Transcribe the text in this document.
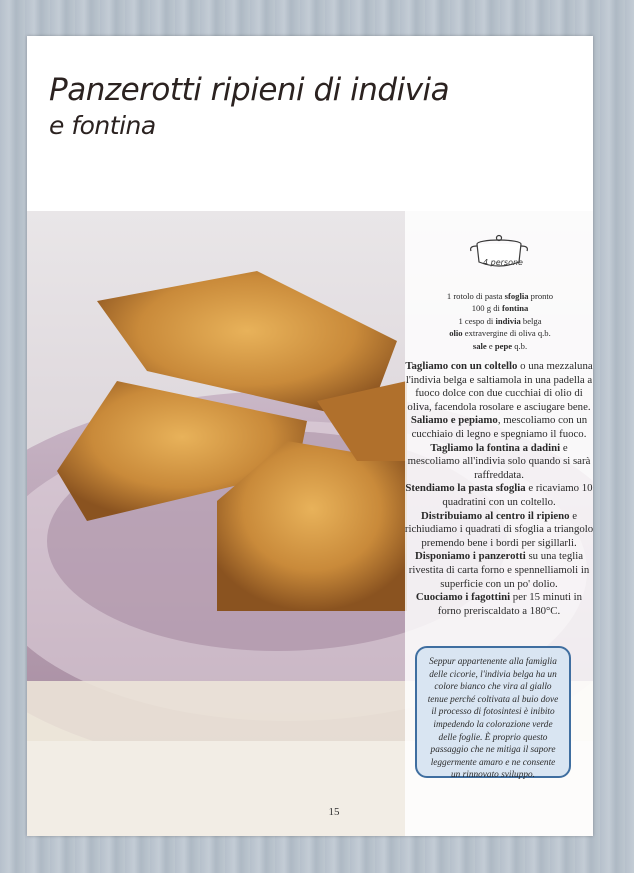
Panzerotti ripieni di indivia
e fontina
4 persone

1 rotolo di pasta sfoglia pronto

100 g di fontina

1 cespo di indivia belga

olio extravergine di oliva q.b.

sale e pepe q.b.

Tagliamo con un coltello o una mezzaluna l'indivia belga e saltiamola in una padella a fuoco dolce con due cucchiai di olio di oliva, facendola rosolare e asciugare bene.

Saliamo e pepiamo, mescoliamo con un cucchiaio di legno e spegniamo il fuoco.

Tagliamo la fontina a dadini e mescoliamo all'indivia solo quando si sarà raffreddata.

Stendiamo la pasta sfoglia e ricaviamo 10 quadratini con un coltello.

Distribuiamo al centro il ripieno e richiudiamo i quadrati di sfoglia a triangolo premendo bene i bordi per sigillarli.

Disponiamo i panzerotti su una teglia rivestita di carta forno e spennelliamoli in superficie con un po' dolio.

Cuociamo i fagottini per 15 minuti in forno preriscaldato a 180°C.

Seppur appartenente alla famiglia delle cicorie, l'indivia belga ha un colore bianco che vira al giallo tenue perché coltivata al buio dove il processo di fotosintesi è inibito impedendo la colorazione verde delle foglie. È proprio questo passaggio che ne mitiga il sapore leggermente amaro e ne consente un rinnovato sviluppo.
15
